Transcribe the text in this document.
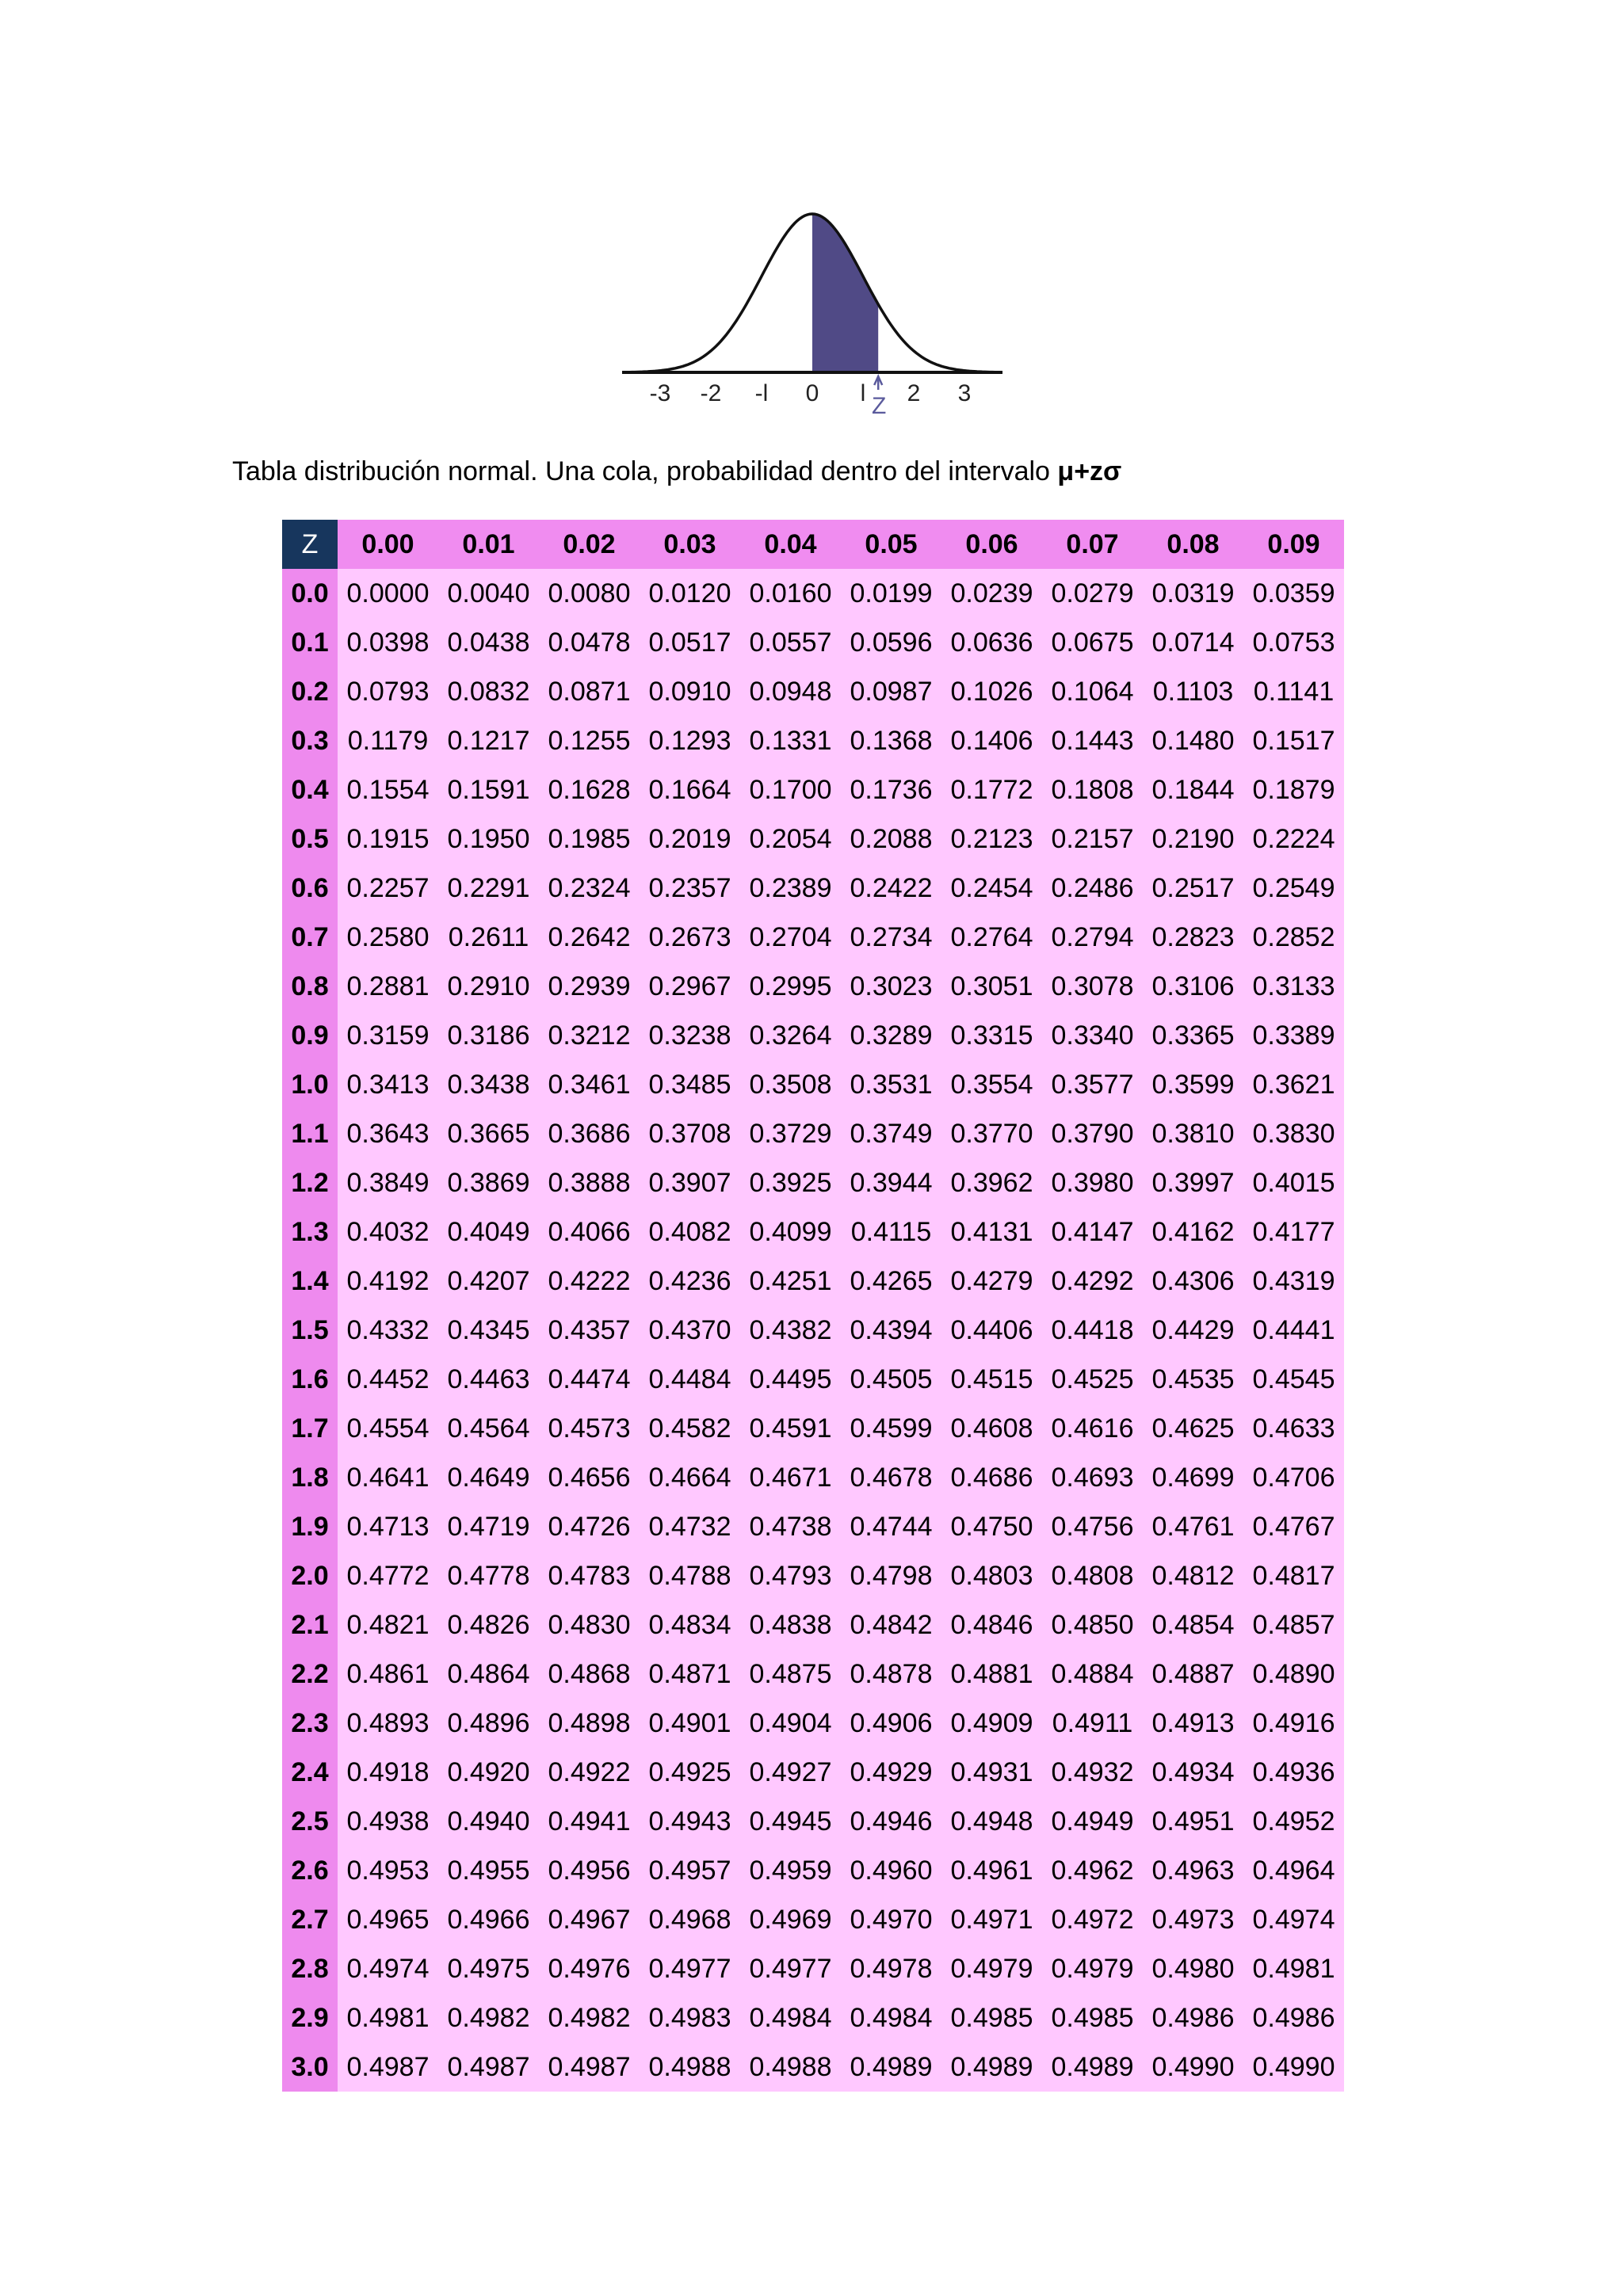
-3 -2 -l 0 l 2 3
Z
Tabla distribución normal. Una cola, probabilidad dentro del intervalo μ+zσ
Z	0.00	0.01	0.02	0.03	0.04	0.05	0.06	0.07	0.08	0.09
0.0	0.0000	0.0040	0.0080	0.0120	0.0160	0.0199	0.0239	0.0279	0.0319	0.0359
0.1	0.0398	0.0438	0.0478	0.0517	0.0557	0.0596	0.0636	0.0675	0.0714	0.0753
0.2	0.0793	0.0832	0.0871	0.0910	0.0948	0.0987	0.1026	0.1064	0.1103	0.1141
0.3	0.1179	0.1217	0.1255	0.1293	0.1331	0.1368	0.1406	0.1443	0.1480	0.1517
0.4	0.1554	0.1591	0.1628	0.1664	0.1700	0.1736	0.1772	0.1808	0.1844	0.1879
0.5	0.1915	0.1950	0.1985	0.2019	0.2054	0.2088	0.2123	0.2157	0.2190	0.2224
0.6	0.2257	0.2291	0.2324	0.2357	0.2389	0.2422	0.2454	0.2486	0.2517	0.2549
0.7	0.2580	0.2611	0.2642	0.2673	0.2704	0.2734	0.2764	0.2794	0.2823	0.2852
0.8	0.2881	0.2910	0.2939	0.2967	0.2995	0.3023	0.3051	0.3078	0.3106	0.3133
0.9	0.3159	0.3186	0.3212	0.3238	0.3264	0.3289	0.3315	0.3340	0.3365	0.3389
1.0	0.3413	0.3438	0.3461	0.3485	0.3508	0.3531	0.3554	0.3577	0.3599	0.3621
1.1	0.3643	0.3665	0.3686	0.3708	0.3729	0.3749	0.3770	0.3790	0.3810	0.3830
1.2	0.3849	0.3869	0.3888	0.3907	0.3925	0.3944	0.3962	0.3980	0.3997	0.4015
1.3	0.4032	0.4049	0.4066	0.4082	0.4099	0.4115	0.4131	0.4147	0.4162	0.4177
1.4	0.4192	0.4207	0.4222	0.4236	0.4251	0.4265	0.4279	0.4292	0.4306	0.4319
1.5	0.4332	0.4345	0.4357	0.4370	0.4382	0.4394	0.4406	0.4418	0.4429	0.4441
1.6	0.4452	0.4463	0.4474	0.4484	0.4495	0.4505	0.4515	0.4525	0.4535	0.4545
1.7	0.4554	0.4564	0.4573	0.4582	0.4591	0.4599	0.4608	0.4616	0.4625	0.4633
1.8	0.4641	0.4649	0.4656	0.4664	0.4671	0.4678	0.4686	0.4693	0.4699	0.4706
1.9	0.4713	0.4719	0.4726	0.4732	0.4738	0.4744	0.4750	0.4756	0.4761	0.4767
2.0	0.4772	0.4778	0.4783	0.4788	0.4793	0.4798	0.4803	0.4808	0.4812	0.4817
2.1	0.4821	0.4826	0.4830	0.4834	0.4838	0.4842	0.4846	0.4850	0.4854	0.4857
2.2	0.4861	0.4864	0.4868	0.4871	0.4875	0.4878	0.4881	0.4884	0.4887	0.4890
2.3	0.4893	0.4896	0.4898	0.4901	0.4904	0.4906	0.4909	0.4911	0.4913	0.4916
2.4	0.4918	0.4920	0.4922	0.4925	0.4927	0.4929	0.4931	0.4932	0.4934	0.4936
2.5	0.4938	0.4940	0.4941	0.4943	0.4945	0.4946	0.4948	0.4949	0.4951	0.4952
2.6	0.4953	0.4955	0.4956	0.4957	0.4959	0.4960	0.4961	0.4962	0.4963	0.4964
2.7	0.4965	0.4966	0.4967	0.4968	0.4969	0.4970	0.4971	0.4972	0.4973	0.4974
2.8	0.4974	0.4975	0.4976	0.4977	0.4977	0.4978	0.4979	0.4979	0.4980	0.4981
2.9	0.4981	0.4982	0.4982	0.4983	0.4984	0.4984	0.4985	0.4985	0.4986	0.4986
3.0	0.4987	0.4987	0.4987	0.4988	0.4988	0.4989	0.4989	0.4989	0.4990	0.4990
